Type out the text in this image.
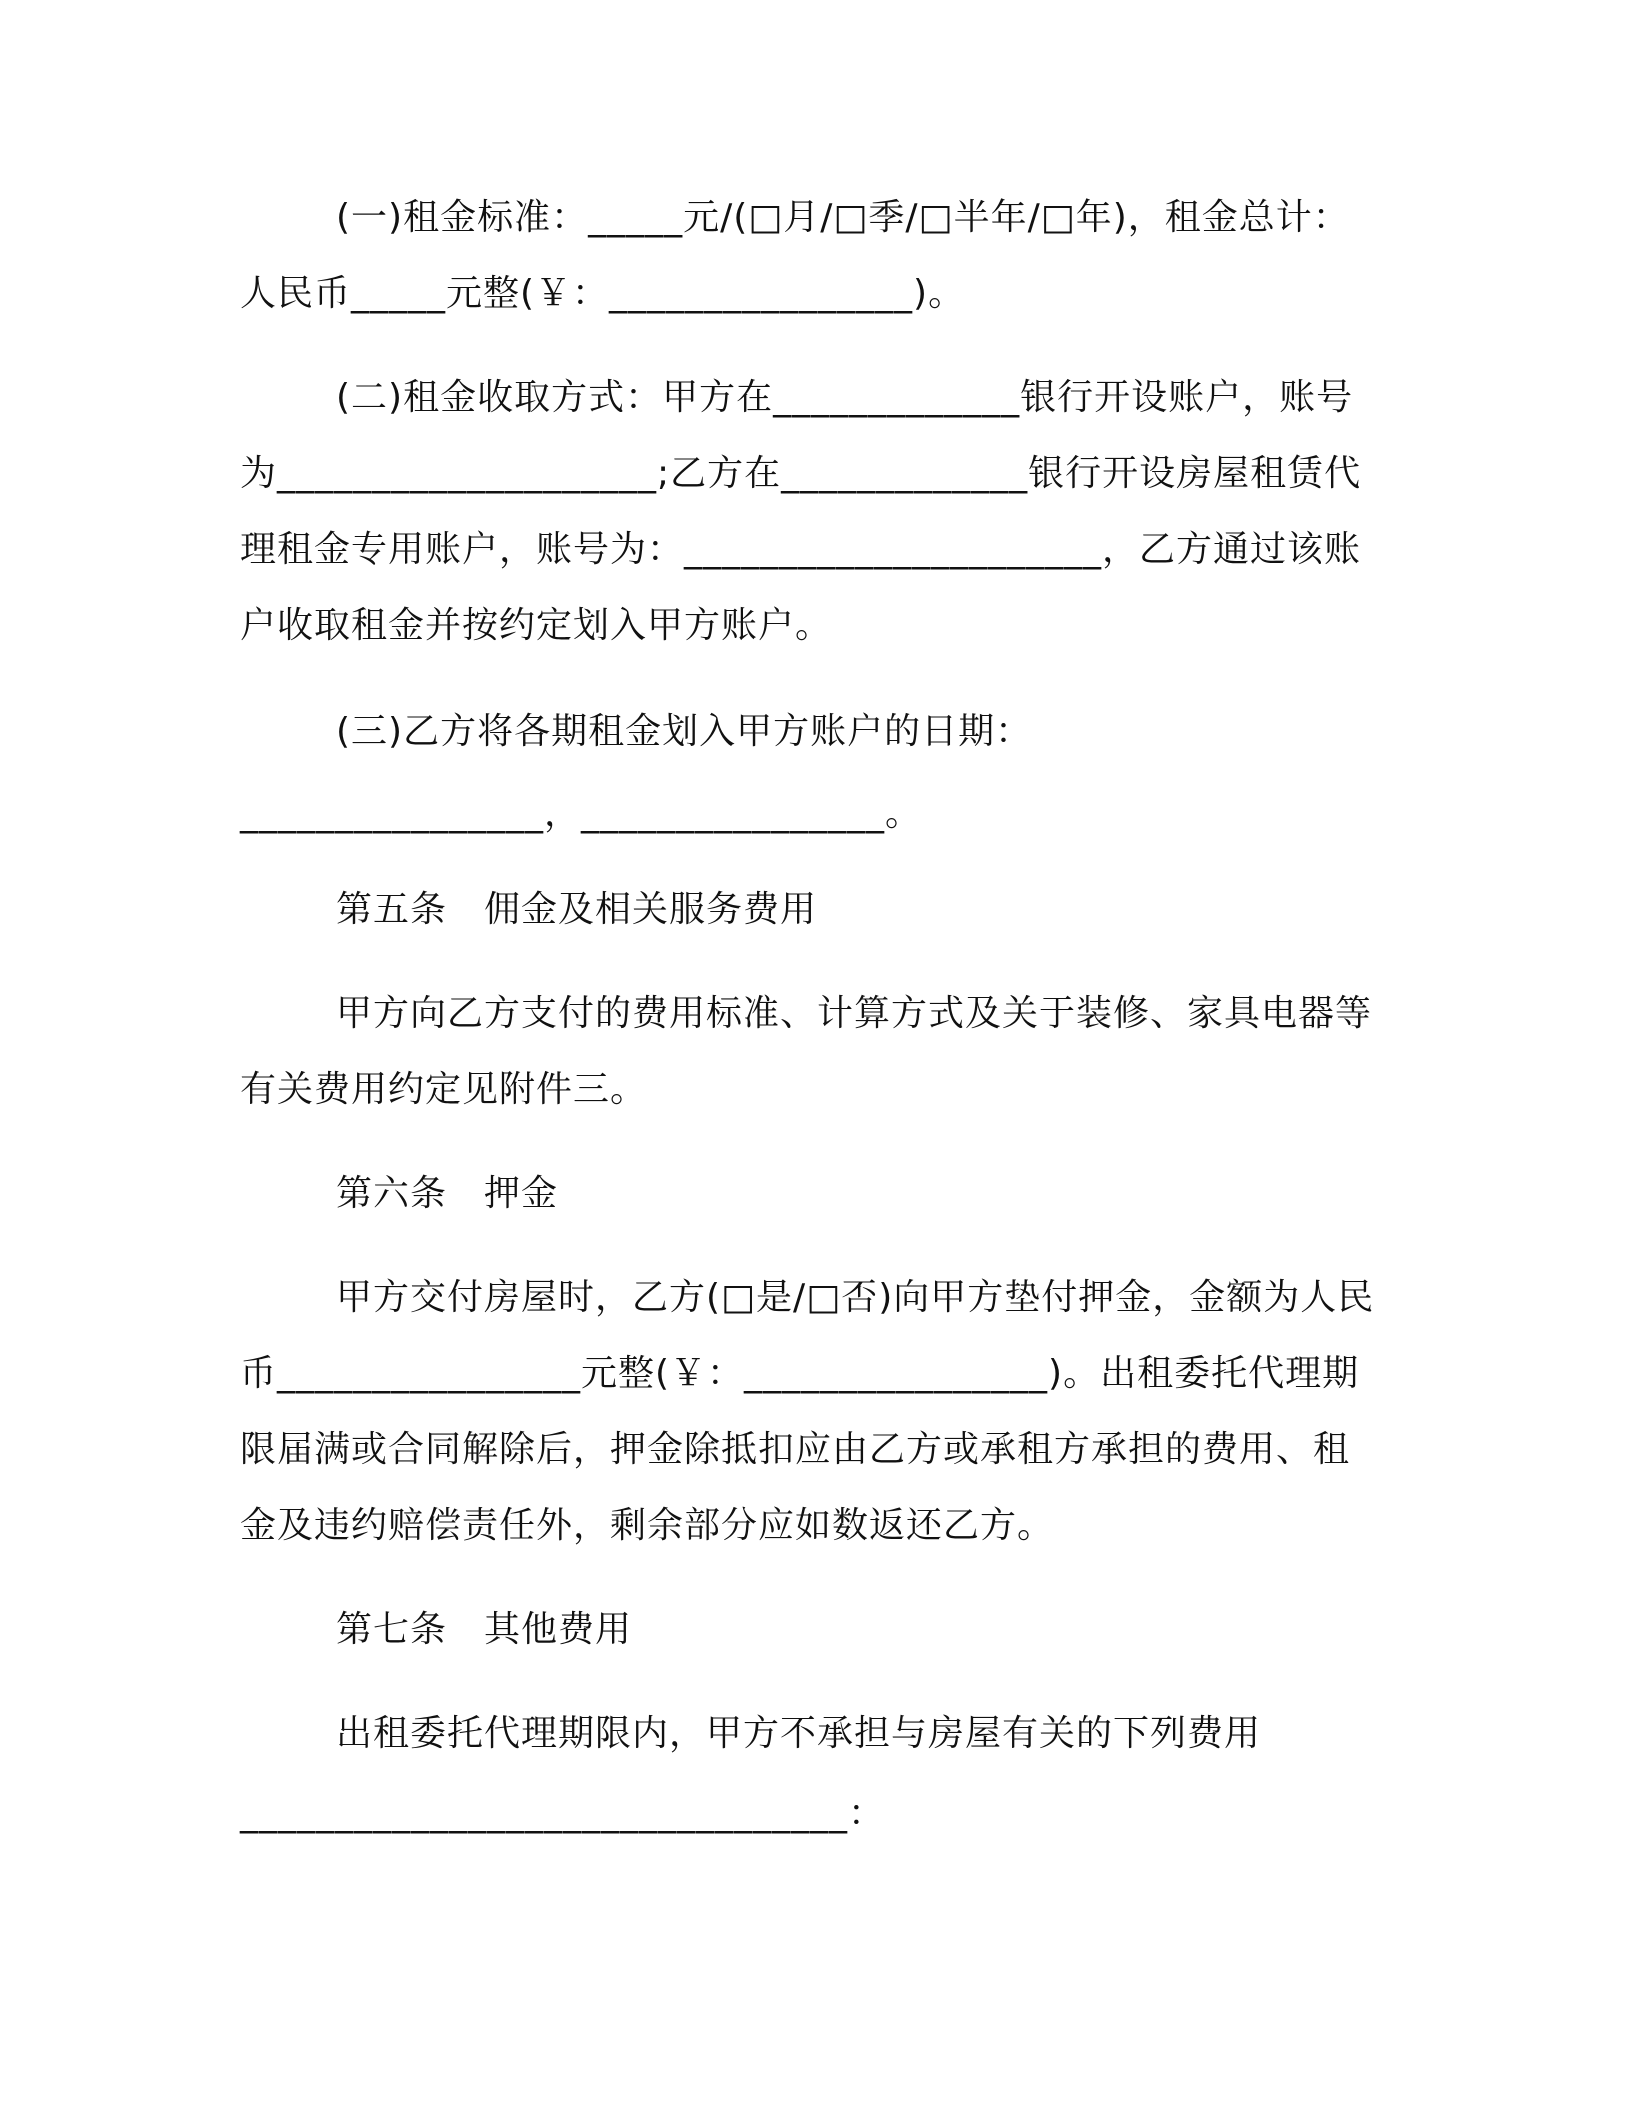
(一)租金标准：_____元/(□月/□季/□半年/□年)，租金总计：
人民币_____元整(￥：________________)。
(二)租金收取方式：甲方在_____________银行开设账户，账号
为____________________;乙方在_____________银行开设房屋租赁代
理租金专用账户，账号为：______________________，乙方通过该账
户收取租金并按约定划入甲方账户。
(三)乙方将各期租金划入甲方账户的日期：
________________，________________。
第五条　佣金及相关服务费用
甲方向乙方支付的费用标准、计算方式及关于装修、家具电器等
有关费用约定见附件三。
第六条　押金
甲方交付房屋时，乙方(□是/□否)向甲方垫付押金，金额为人民
币________________元整(￥：________________)。出租委托代理期
限届满或合同解除后，押金除抵扣应由乙方或承租方承担的费用、租
金及违约赔偿责任外，剩余部分应如数返还乙方。
第七条　其他费用
出租委托代理期限内，甲方不承担与房屋有关的下列费用
________________________________：
